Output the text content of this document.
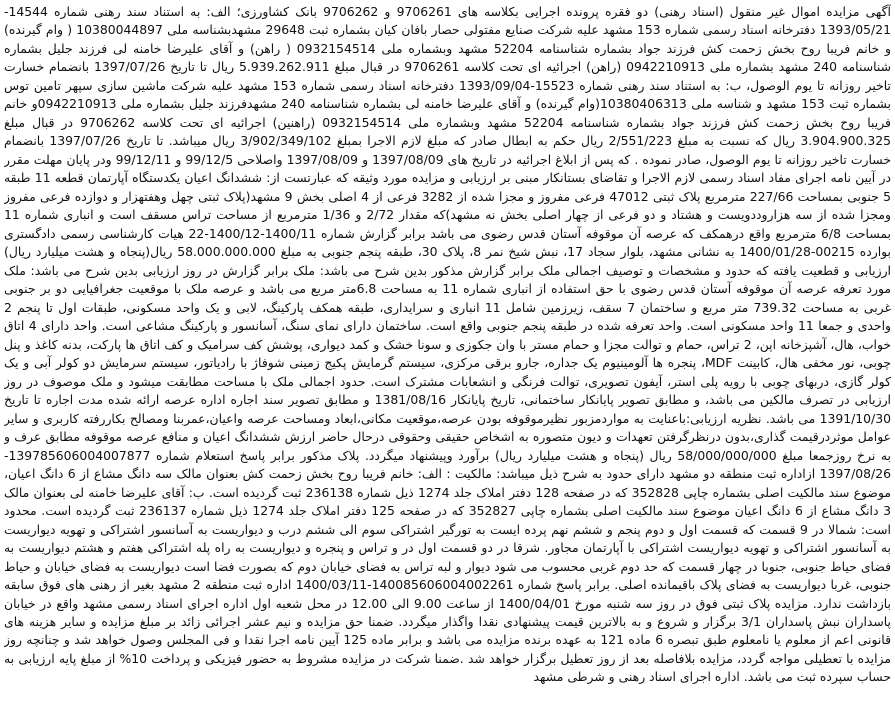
آگهی مزایده اموال غیر منقول (اسناد رهنی) دو فقره پرونده اجرایی بکلاسه های 9706261 و 9706262 بانک کشاورزی؛ الف: به استناد سند رهنی شماره 14544-1393/05/21 دفترخانه اسناد رسمی شماره 153 مشهد علیه شرکت صنایع مفتولی حصار بافان کیان بشماره ثبت 29648 مشهدبشناسه ملی 10380044897 ( وام گیرنده) و خانم فریبا روح بخش زحمت کش فرزند جواد بشماره شناسنامه 52204 مشهد وبشماره ملی 0932154514 ( راهن) و آقای علیرضا خامنه لی فرزند جلیل بشماره شناسنامه 240 مشهد بشماره ملی 0942210913 (راهن) اجرائیه ای تحت کلاسه 9706261 در قبال مبلغ 5.939.262.911 ریال تا تاریخ 1397/07/26 بانضمام خسارت تاخیر روزانه تا یوم الوصول، ب: به استناد سند رهنی شماره 15523-1393/09/04 دفترخانه اسناد رسمی شماره 153 مشهد علیه شرکت ماشین سازی سپهر تامین توس بشماره ثبت 153 مشهد و شناسه ملی 10380406313(وام گیرنده) و آقای علیرضا خامنه لی بشماره شناسنامه 240 مشهدفرزند جلیل بشماره ملی 0942210913و خانم فریبا روح بخش زحمت کش فرزند جواد بشماره شناسنامه 52204 مشهد وبشماره ملی 0932154514 (راهنین) اجرائیه ای تحت کلاسه 9706262 در قبال مبلغ 3.904.900.325 ریال که نسبت به مبلغ 2/551/223 ریال حکم به ابطال صادر که مبلغ لازم الاجرا بمبلغ 3/902/349/102 ریال میباشد. تا تاریخ 1397/07/26 بانضمام خسارت تاخیر روزانه تا یوم الوصول، صادر نموده . که پس از ابلاغ اجرائیه در تاریخ های 1397/08/09 و 1397/08/09 واصلاحی 99/12/5 و 99/12/11 ودر پایان مهلت مقرر در آیین نامه اجرای مفاد اسناد رسمی لازم الاجرا و تقاضای بستانکار مبنی بر ارزیابی و مزایده مورد وثیقه که عبارتست از: ششدانگ اعیان یکدستگاه آپارتمان قطعه 11 طبقه 5 جنوبی بمساحت 227/66 مترمربع پلاک ثبتی 47012 فرعی مفروز و مجزا شده از 3282 فرعی از 4 اصلی بخش 9 مشهد(پلاک ثبتی چهل وهفتهزار و دوازده فرعی مفروز ومجزا شده از سه هزاروددویست و هشتاد و دو فرعی از چهار اصلی بخش نه مشهد)که مقدار 2/72 و 1/36 مترمربع از مساحت تراس مسقف است و انباری شماره 11 بمساحت 6/8 مترمربع واقع درهمکف که عرصه آن موقوفه آستان قدس رضوی می باشد برابر گزارش شماره 1400/11-1400/12-22 هیات کارشناسی رسمی دادگستری بوارده 00215-1400/01/28 به نشانی مشهد، بلوار سجاد 17، نبش شیخ نمر 8، پلاک 30، طبقه پنجم جنوبی به مبلغ 58.000.000.000 ریال(پنجاه و هشت میلیارد ریال) ارزیابی و قطعیت یافته که حدود و مشخصات و توصیف اجمالی ملک برابر گزارش مذکور بدین شرح می باشد: ملک برابر گزارش در روز ارزیابی بدین شرح می باشد: ملک مورد تعرفه عرصه آن موقوفه آستان قدس رضوی با حق استفاده از انباری شماره 11 به مساحت 6.8متر مربع می باشد و عرصه ملک با موقعیت جغرافیایی دو بر جنوبی غربی به مساحت 739.32 متر مربع و ساختمان 7 سقف، زیرزمین شامل 11 انباری و سرایداری، طبقه همکف پارکینگ، لابی و یک واحد مسکونی، طبقات اول تا پنجم 2 واحدی و جمعا 11 واحد مسکونی است. واحد تعرفه شده در طبقه پنجم جنوبی واقع است. ساختمان دارای نمای سنگ، آسانسور و پارکینگ مشاعی است. واحد دارای 4 اتاق خواب، هال، آشپزخانه اپن، 2 تراس، حمام و توالت مجزا و حمام مستر با وان جکوزی و سونا خشک و کمد دیواری، پوشش کف سرامیک و کف اتاق ها پارکت، بدنه کاغذ و پنل چوبی، نور مخفی هال، کابینت MDF، پنجره ها آلومینیوم یک جداره، جارو برقی مرکزی، سیستم گرمایش پکیج زمینی شوفاژ با رادیاتور، سیستم سرمایش دو کولر آبی و یک کولر گازی، دربهای چوبی با رویه پلی استر، آیفون تصویری، توالت فرنگی و انشعابات مشترک است. حدود اجمالی ملک با مساحت مطابقت میشود و ملک موصوف در روز ارزیابی در تصرف مالکین می باشد، و مطابق تصویر پایانکار ساختمانی، تاریخ پایانکار 1381/08/16 و مطابق تصویر سند اجاره اداره عرصه ارائه شده مدت اجاره تا تاریخ 1391/10/30 می باشد. نظریه ارزیابی:باعنایت به مواردمزبور نظیرموقوفه بودن عرصه،موقعیت مکانی،ابعاد ومساحت عرصه واعیان،عمربنا ومصالح بکاررفته کاربری و سایر عوامل موثردرقیمت گذاری،بدون درنظرگرفتن تعهدات و دیون متصوره به اشخاص حقیقی وحقوقی درحال حاضر ارزش ششدانگ اعیان و منافع عرصه موقوفه مطابق عرف و به نرخ روزجمعا مبلغ 58/000/000/000 ریال (پنجاه و هشت میلیارد ریال) برآورد وپیشنهاد میگردد. پلاک مذکور برابر پاسخ استعلام شماره 139785606004007877-1397/08/26 ازاداره ثبت منطقه دو مشهد دارای حدود به شرح ذیل میباشد: مالکیت : الف: خانم فریبا روح بخش زحمت کش بعنوان مالک سه دانگ مشاع از 6 دانگ اعیان، موضوع سند مالکیت اصلی بشماره چاپی 352828 که در صفحه 128 دفتر املاک جلد 1274 ذیل شماره 236138 ثبت گردیده است. ب: آقای علیرضا خامنه لی بعنوان مالک 3 دانگ مشاع از 6 دانگ اعیان موضوع سند مالکیت اصلی بشماره چاپی 352827 که در صفحه 125 دفتر املاک جلد 1274 ذیل شماره 236137 ثبت گردیده است. محدود است: شمالا در 9 قسمت که قسمت اول و دوم پنجم و ششم نهم پرده ایست به تورگیر اشتراکی سوم الی ششم درب و دیواریست به آسانسور اشتراکی و تهویه دیواریست به آسانسور اشتراکی و تهویه دیواریست اشتراکی با آپارتمان مجاور. شرقا در دو قسمت اول در و تراس و پنجره و دیواریست به راه پله اشتراکی هفتم و هشتم دیواریست به فضای حیاط جنوبی، جنوبا در چهار قسمت که حد دوم غربی محسوب می شود دیوار و لبه تراس به فضای خیابان دوم که بصورت فضا است دیواریست به فضای خیابان و حیاط جنوبی، غربا دیواریست به فضای پلاک باقیمانده اصلی. برابر پاسخ شماره 140085606004002261-1400/03/11 اداره ثبت منطقه 2 مشهد بغیر از رهنی های فوق سابقه بازداشت ندارد. مزایده پلاک ثبتی فوق در روز سه شنبه مورخ 1400/04/01 از ساعت 9.00 الی 12.00 در محل شعبه اول اداره اجرای اسناد رسمی مشهد واقع در خیابان پاسداران نبش پاسداران 3/1 برگزار و شروع و به بالاترین قیمت پیشنهادی نقدا واگذار میگردد. ضمنا حق مزایده و نیم عشر اجرائی زائد بر مبلغ مزایده و سایر هزینه های قانونی اعم از معلوم یا نامعلوم طبق تبصره 6 ماده 121 به عهده برنده مزایده می باشد و برابر ماده 125 آیین نامه اجرا نقدا و فی المجلس وصول خواهد شد و چنانچه روز مزایده با تعطیلی مواجه گردد، مزایده بلافاصله بعد از روز تعطیل برگزار خواهد شد .ضمنا شرکت در مزایده مشروط به حضور فیزیکی و پرداخت 10% از مبلغ پایه ارزیابی به حساب سپرده ثبت می باشد. اداره اجرای اسناد رهنی و شرطی مشهد
